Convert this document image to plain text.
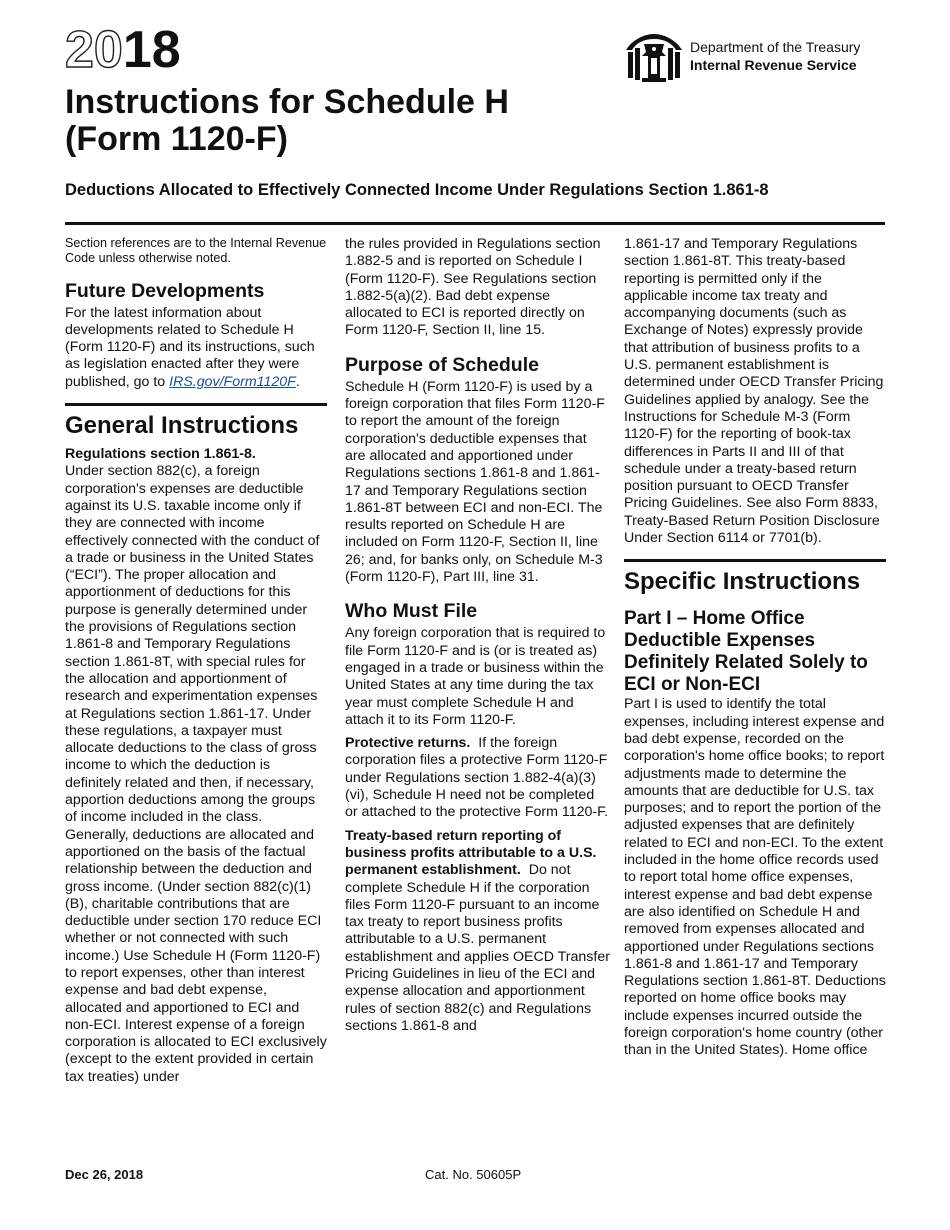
2018
Instructions for Schedule H
(Form 1120-F)
Department of the Treasury
Internal Revenue Service
Deductions Allocated to Effectively Connected Income Under Regulations Section 1.861-8

Section references are to the Internal Revenue Code unless otherwise noted.

Future Developments

For the latest information about developments related to Schedule H (Form 1120-F) and its instructions, such as legislation enacted after they were published, go to IRS.gov/Form1120F.

General Instructions

Regulations section 1.861-8.
Under section 882(c), a foreign corporation's expenses are deductible against its U.S. taxable income only if they are connected with income effectively connected with the conduct of a trade or business in the United States (“ECI”). The proper allocation and apportionment of deductions for this purpose is generally determined under the provisions of Regulations section 1.861-8 and Temporary Regulations section 1.861-8T, with special rules for the allocation and apportionment of research and experimentation expenses at Regulations section 1.861-17. Under these regulations, a taxpayer must allocate deductions to the class of gross income to which the deduction is definitely related and then, if necessary, apportion deductions among the groups of income included in the class. Generally, deductions are allocated and apportioned on the basis of the factual relationship between the deduction and gross income. (Under section 882(c)(1)(B), charitable contributions that are deductible under section 170 reduce ECI whether or not connected with such income.) Use Schedule H (Form 1120-F) to report expenses, other than interest expense and bad debt expense, allocated and apportioned to ECI and non-ECI. Interest expense of a foreign corporation is allocated to ECI exclusively (except to the extent provided in certain tax treaties) under

the rules provided in Regulations section 1.882-5 and is reported on Schedule I (Form 1120-F). See Regulations section 1.882-5(a)(2). Bad debt expense allocated to ECI is reported directly on Form 1120-F, Section II, line 15.

Purpose of Schedule

Schedule H (Form 1120-F) is used by a foreign corporation that files Form 1120-F to report the amount of the foreign corporation's deductible expenses that are allocated and apportioned under Regulations sections 1.861-8 and 1.861-17 and Temporary Regulations section 1.861-8T between ECI and non-ECI. The results reported on Schedule H are included on Form 1120-F, Section II, line 26; and, for banks only, on Schedule M-3 (Form 1120-F), Part III, line 31.

Who Must File

Any foreign corporation that is required to file Form 1120-F and is (or is treated as) engaged in a trade or business within the United States at any time during the tax year must complete Schedule H and attach it to its Form 1120-F.

Protective returns. If the foreign corporation files a protective Form 1120-F under Regulations section 1.882-4(a)(3)(vi), Schedule H need not be completed or attached to the protective Form 1120-F.

Treaty-based return reporting of business profits attributable to a U.S. permanent establishment. Do not complete Schedule H if the corporation files Form 1120-F pursuant to an income tax treaty to report business profits attributable to a U.S. permanent establishment and applies OECD Transfer Pricing Guidelines in lieu of the ECI and expense allocation and apportionment rules of section 882(c) and Regulations sections 1.861-8 and

1.861-17 and Temporary Regulations section 1.861-8T. This treaty-based reporting is permitted only if the applicable income tax treaty and accompanying documents (such as Exchange of Notes) expressly provide that attribution of business profits to a U.S. permanent establishment is determined under OECD Transfer Pricing Guidelines applied by analogy. See the Instructions for Schedule M-3 (Form 1120-F) for the reporting of book-tax differences in Parts II and III of that schedule under a treaty-based return position pursuant to OECD Transfer Pricing Guidelines. See also Form 8833, Treaty-Based Return Position Disclosure Under Section 6114 or 7701(b).

Specific Instructions
Part I – Home Office Deductible Expenses Definitely Related Solely to ECI or Non-ECI

Part I is used to identify the total expenses, including interest expense and bad debt expense, recorded on the corporation's home office books; to report adjustments made to determine the amounts that are deductible for U.S. tax purposes; and to report the portion of the adjusted expenses that are definitely related to ECI and non-ECI. To the extent included in the home office records used to report total home office expenses, interest expense and bad debt expense are also identified on Schedule H and removed from expenses allocated and apportioned under Regulations sections 1.861-8 and 1.861-17 and Temporary Regulations section 1.861-8T. Deductions reported on home office books may include expenses incurred outside the foreign corporation's home country (other than in the United States). Home office

Dec 26, 2018	Cat. No. 50605P
